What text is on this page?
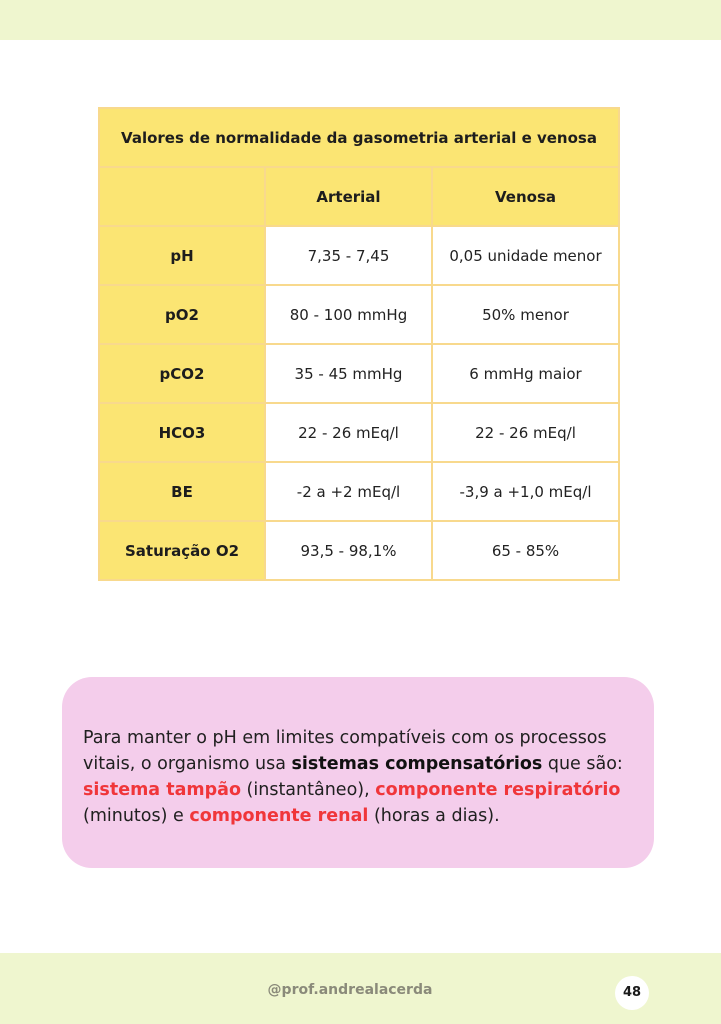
Valores de normalidade da gasometria arterial e venosa		
	Arterial	Venosa
pH	7,35 - 7,45	0,05 unidade menor
pO2	80 - 100 mmHg	50% menor
pCO2	35 - 45 mmHg	6 mmHg maior
HCO3	22 - 26 mEq/l	22 - 26 mEq/l
BE	-2 a +2 mEq/l	-3,9 a +1,0 mEq/l
Saturação O2	93,5 - 98,1%	65 - 85%
Para manter o pH em limites compatíveis com os processos vitais, o organismo usa sistemas compensatórios que são: sistema tampão (instantâneo), componente respiratório (minutos) e componente renal (horas a dias).
@prof.andrealacerda	48
